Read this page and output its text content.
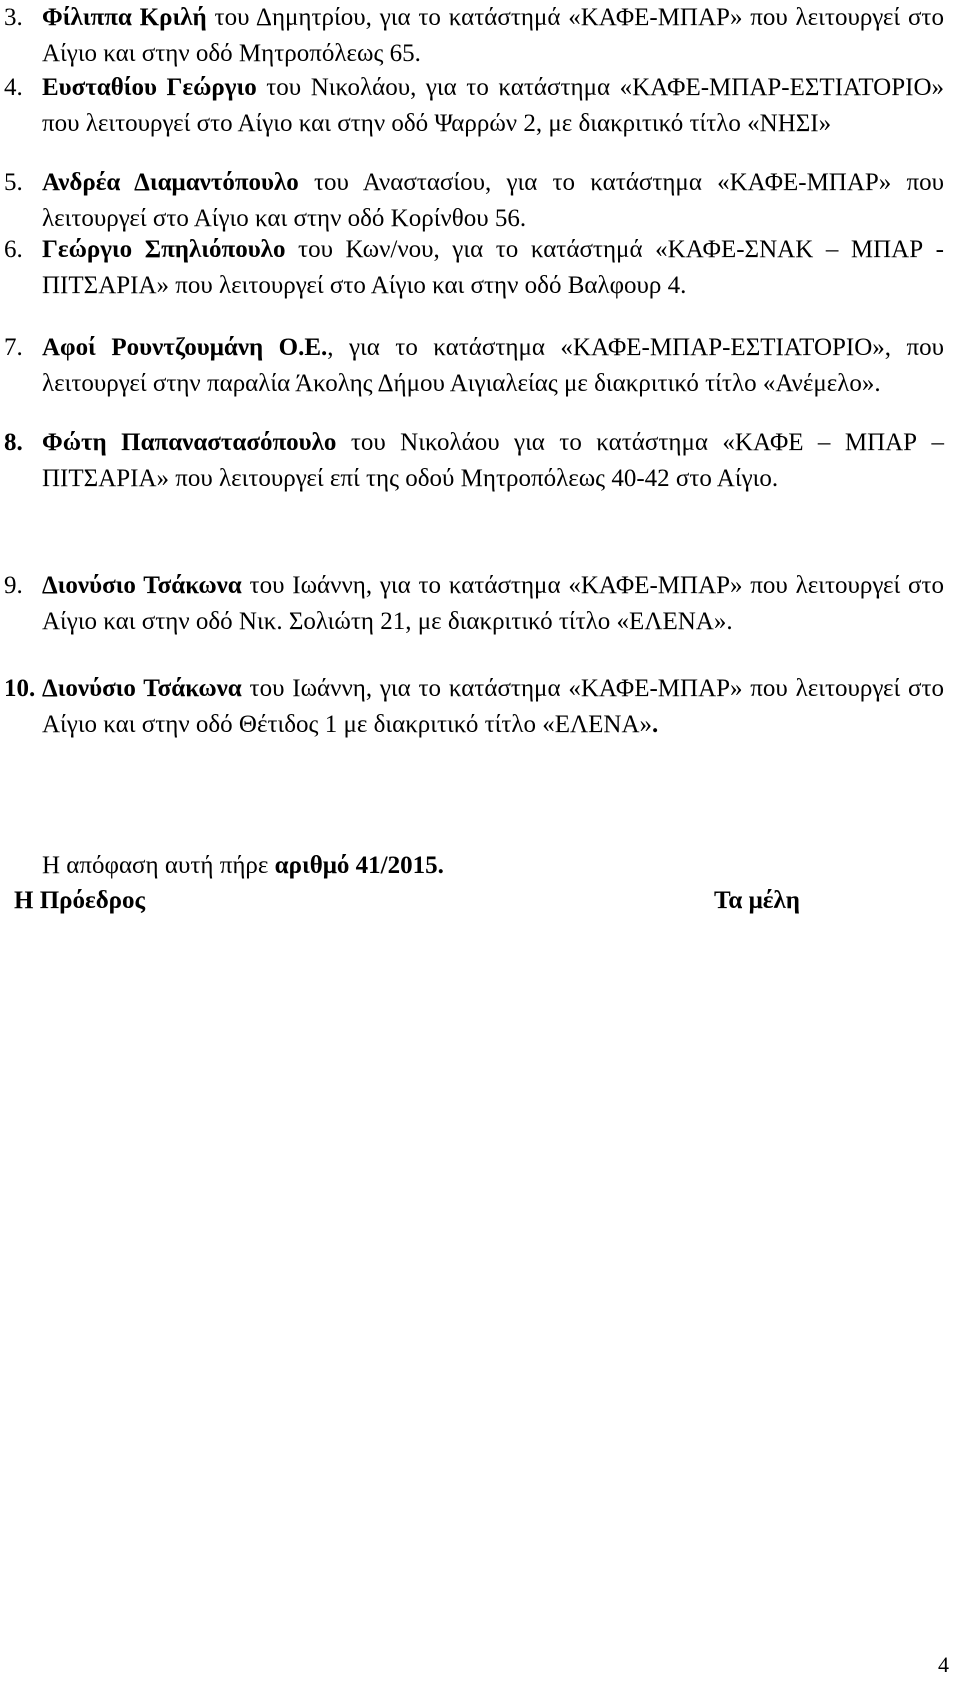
3. Φίλιππα Κριλή του Δημητρίου, για το κατάστημά «ΚΑΦΕ-ΜΠΑΡ» που λειτουργεί στο Αίγιο και στην οδό Μητροπόλεως 65.
4. Ευσταθίου Γεώργιο του Νικολάου, για το κατάστημα «ΚΑΦΕ-ΜΠΑΡ-ΕΣΤΙΑΤΟΡΙΟ» που λειτουργεί στο Αίγιο και στην οδό Ψαρρών 2, με διακριτικό τίτλο «ΝΗΣΙ»
5. Ανδρέα Διαμαντόπουλο του Αναστασίου, για το κατάστημα «ΚΑΦΕ-ΜΠΑΡ» που λειτουργεί στο Αίγιο και στην οδό Κορίνθου 56.
6. Γεώργιο Σπηλιόπουλο του Κων/νου, για το κατάστημά «ΚΑΦΕ-ΣΝΑΚ – ΜΠΑΡ - ΠΙΤΣΑΡΙΑ» που λειτουργεί στο Αίγιο και στην οδό Βαλφουρ 4.
7. Αφοί Ρουντζουμάνη Ο.Ε., για το κατάστημα «ΚΑΦΕ-ΜΠΑΡ-ΕΣΤΙΑΤΟΡΙΟ», που λειτουργεί στην παραλία Άκολης Δήμου Αιγιαλείας με διακριτικό τίτλο «Ανέμελο».
8. Φώτη Παπαναστασόπουλο του Νικολάου για το κατάστημα «ΚΑΦΕ – ΜΠΑΡ – ΠΙΤΣΑΡΙΑ» που λειτουργεί επί της οδού Μητροπόλεως 40-42 στο Αίγιο.
9. Διονύσιο Τσάκωνα του Ιωάννη, για το κατάστημα «ΚΑΦΕ-ΜΠΑΡ» που λειτουργεί στο Αίγιο και στην οδό Νικ. Σολιώτη 21, με διακριτικό τίτλο «ΕΛΕΝΑ».
10. Διονύσιο Τσάκωνα του Ιωάννη, για το κατάστημα «ΚΑΦΕ-ΜΠΑΡ» που λειτουργεί στο Αίγιο και στην οδό Θέτιδος 1 με διακριτικό τίτλο «ΕΛΕΝΑ».
Η απόφαση αυτή πήρε αριθμό 41/2015.
Η Πρόεδρος	Τα μέλη
4
